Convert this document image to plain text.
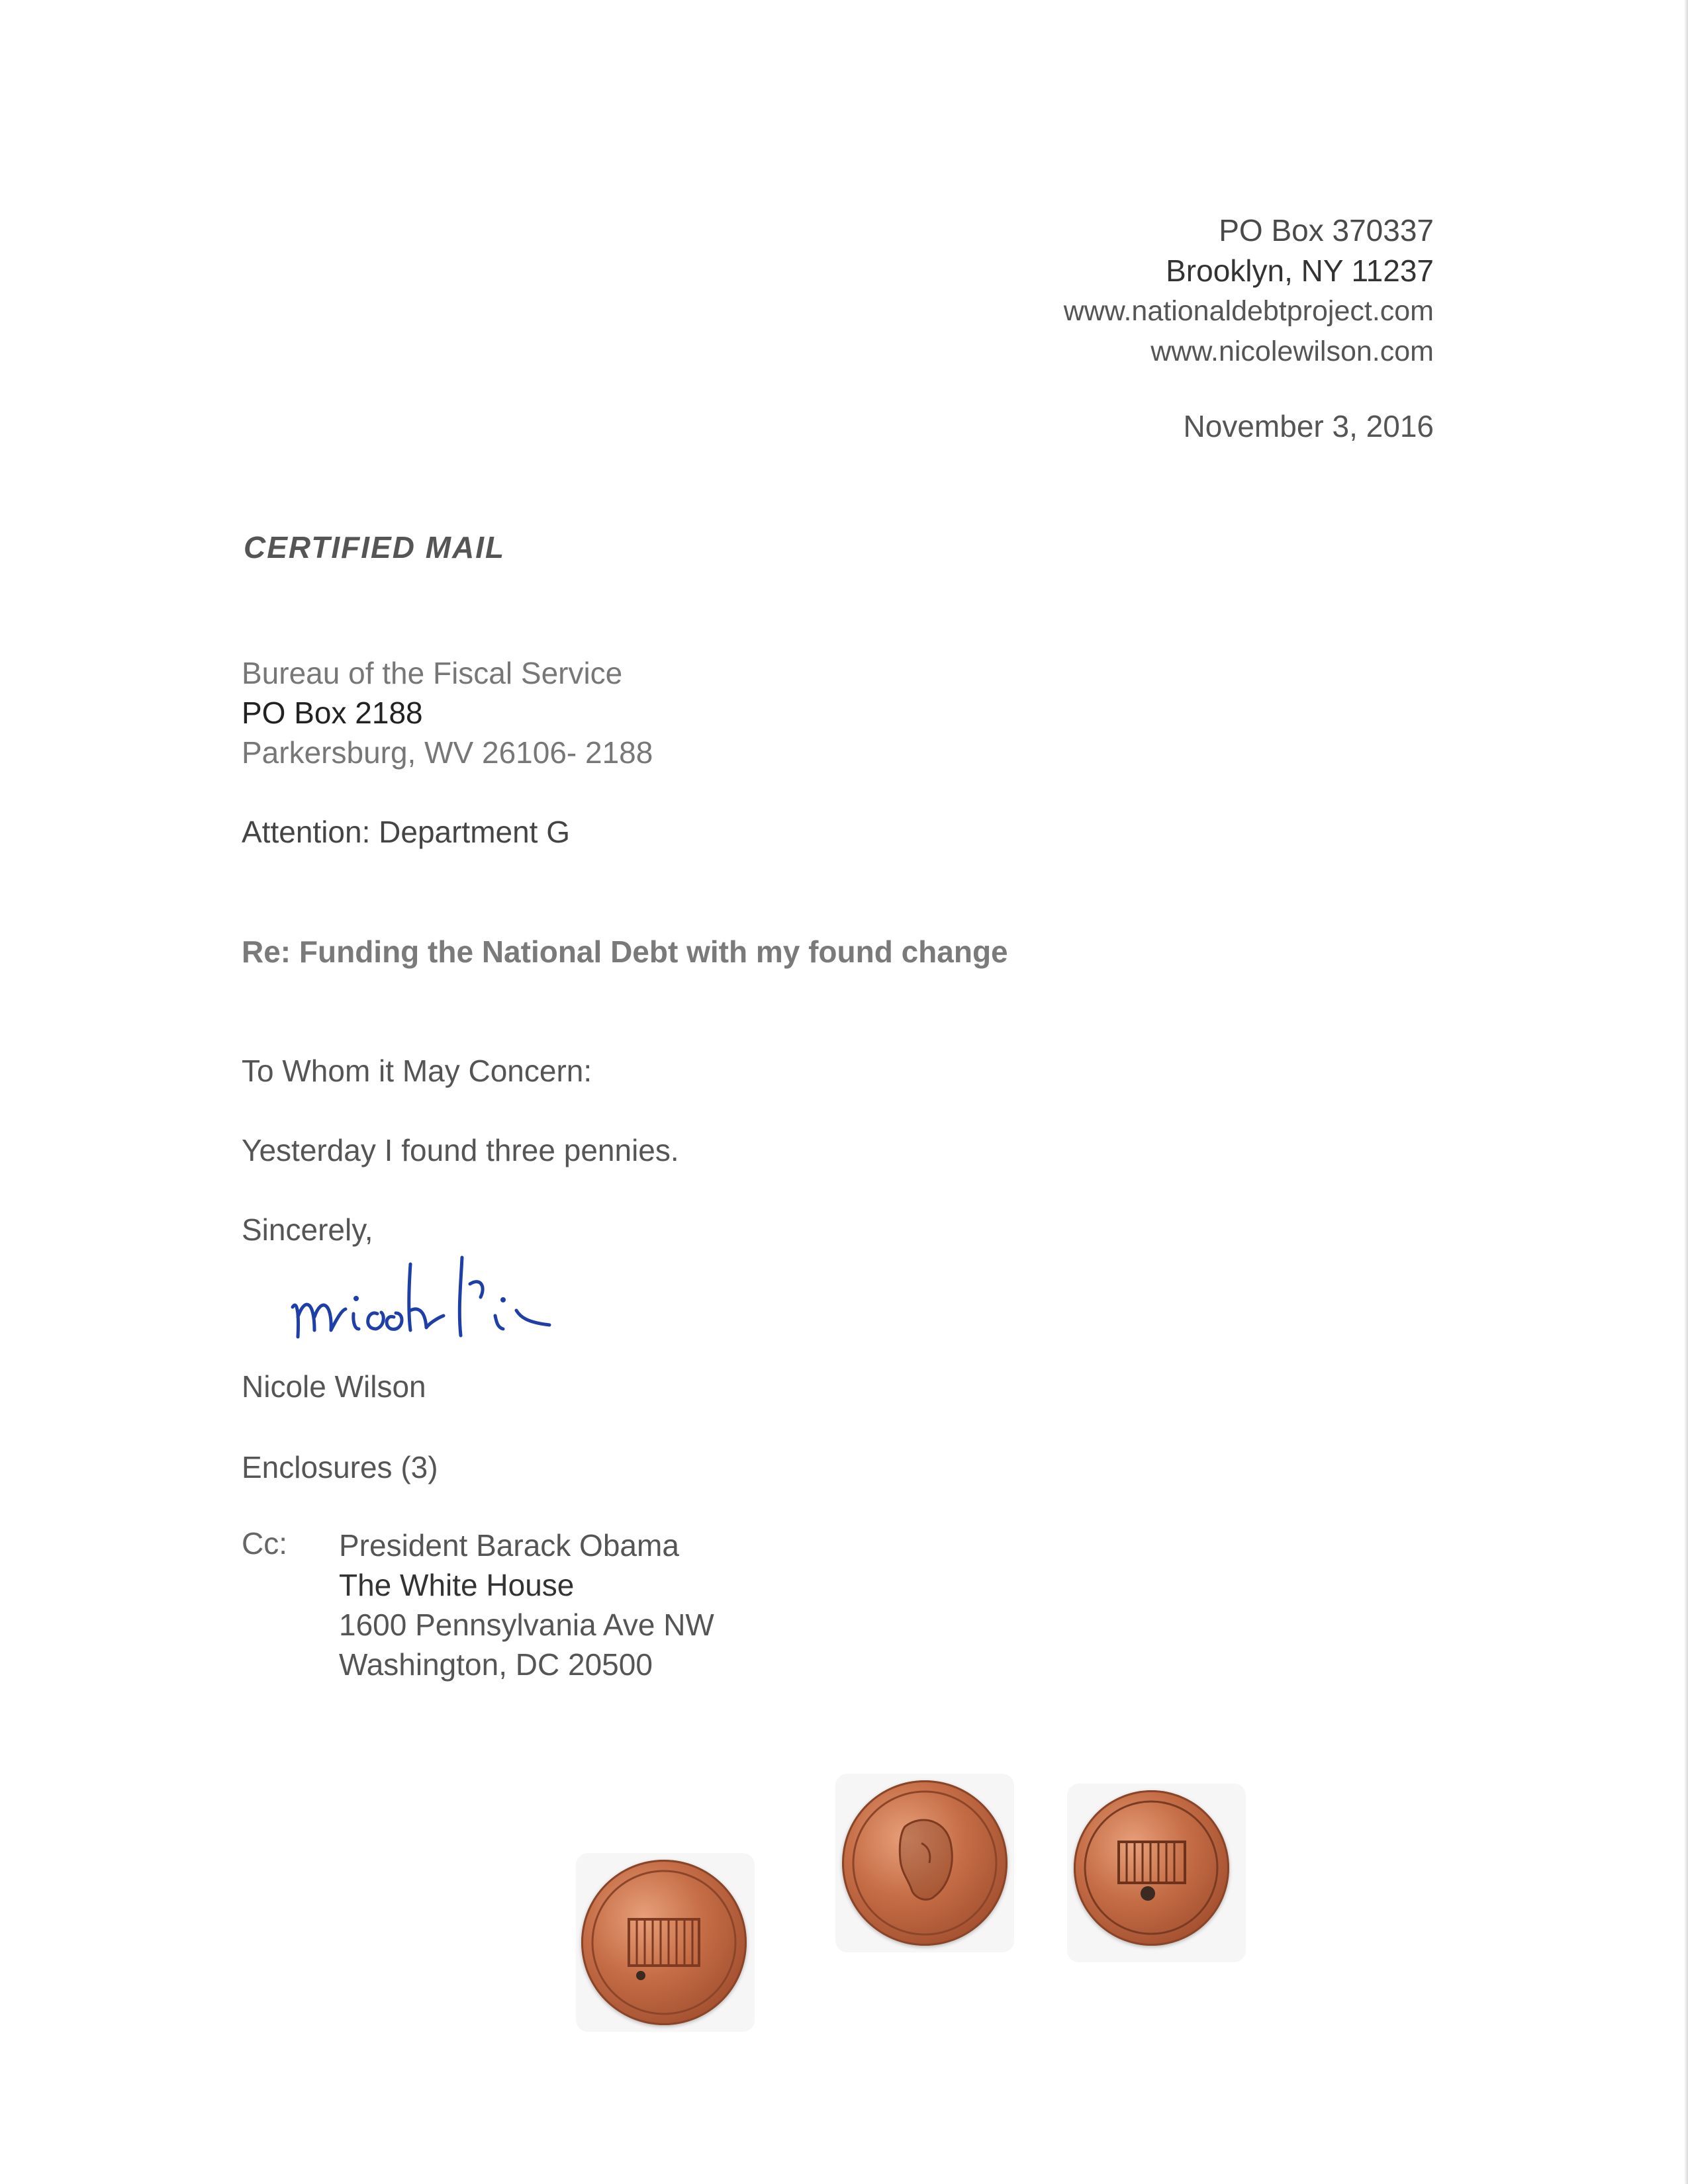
PO Box 370337
Brooklyn, NY 11237
www.nationaldebtproject.com
www.nicolewilson.com
November 3, 2016
CERTIFIED MAIL
Bureau of the Fiscal Service
PO Box 2188
Parkersburg, WV 26106- 2188
Attention: Department G
Re: Funding the National Debt with my found change
To Whom it May Concern:
Yesterday I found three pennies.
Sincerely,
Nicole Wilson
Enclosures (3)
Cc: President Barack Obama
The White House
1600 Pennsylvania Ave NW
Washington, DC 20500
